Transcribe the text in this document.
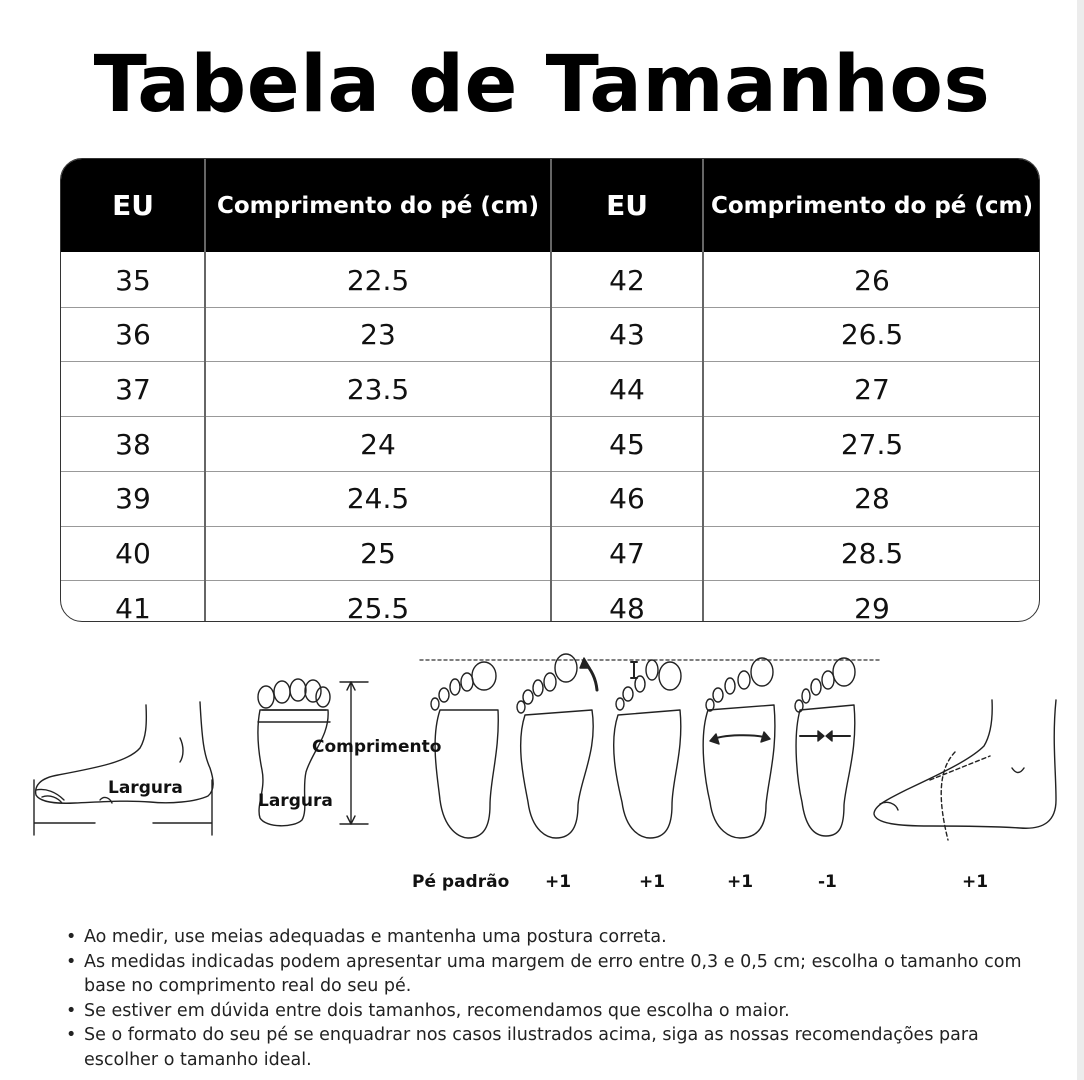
Tabela de Tamanhos
EU	Comprimento do pé (cm)	EU	Comprimento do pé (cm)
35	22.5	42	26
36	23	43	26.5
37	23.5	44	27
38	24	45	27.5
39	24.5	46	28
40	25	47	28.5
41	25.5	48	29
Largura
Comprimento
Largura
Pé padrão +1	+1	+1	-1	+1

• Ao medir, use meias adequadas e mantenha uma postura correta.

• As medidas indicadas podem apresentar uma margem de erro entre 0,3 e 0,5 cm; escolha o tamanho com base no comprimento real do seu pé.

• Se estiver em dúvida entre dois tamanhos, recomendamos que escolha o maior.

• Se o formato do seu pé se enquadrar nos casos ilustrados acima, siga as nossas recomendações para escolher o tamanho ideal.
